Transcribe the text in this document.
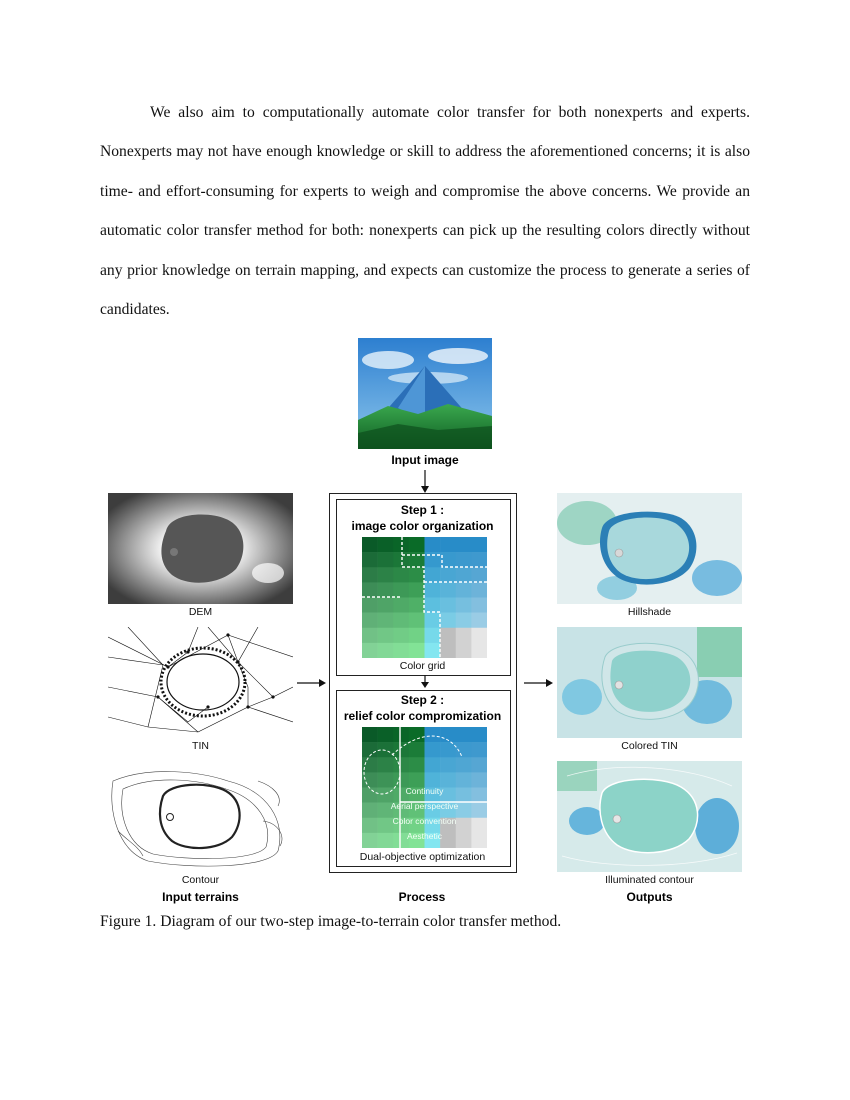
We also aim to computationally automate color transfer for both nonexperts and experts. Nonexperts may not have enough knowledge or skill to address the aforementioned concerns; it is also time- and effort-consuming for experts to weigh and compromise the above concerns. We provide an automatic color transfer method for both: nonexperts can pick up the resulting colors directly without any prior knowledge on terrain mapping, and expects can customize the process to generate a series of candidates.

Input image
DEM
TIN
Contour
Input terrains
Step 1 :
image color organization
Color grid
Step 2 :
relief color compromization
Continuity
Aerial perspective
Color convention
Aesthetic
Dual-objective optimization
Process
Hillshade
Colored TIN
Illuminated contour
Outputs
Figure 1. Diagram of our two-step image-to-terrain color transfer method.
